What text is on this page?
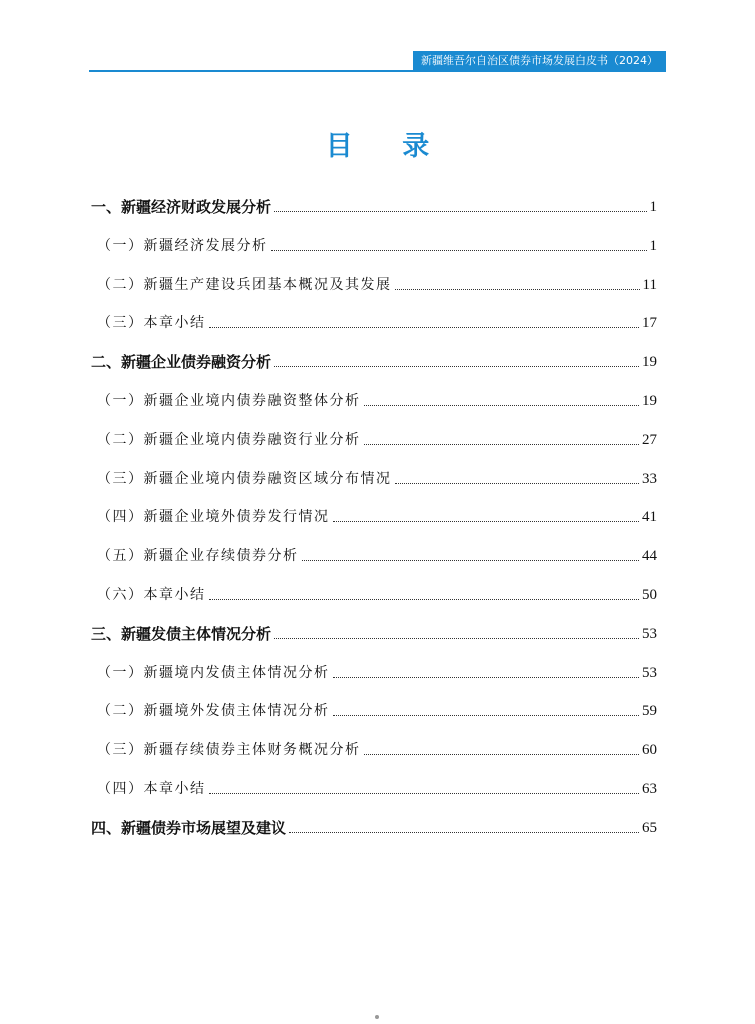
新疆维吾尔自治区债券市场发展白皮书（2024）
目 录
一、新疆经济财政发展分析	1
（一）新疆经济发展分析	1
（二）新疆生产建设兵团基本概况及其发展	11
（三）本章小结	17
二、新疆企业债券融资分析	19
（一）新疆企业境内债券融资整体分析	19
（二）新疆企业境内债券融资行业分析	27
（三）新疆企业境内债券融资区域分布情况	33
（四）新疆企业境外债券发行情况	41
（五）新疆企业存续债券分析	44
（六）本章小结	50
三、新疆发债主体情况分析	53
（一）新疆境内发债主体情况分析	53
（二）新疆境外发债主体情况分析	59
（三）新疆存续债券主体财务概况分析	60
（四）本章小结	63
四、新疆债券市场展望及建议	65
